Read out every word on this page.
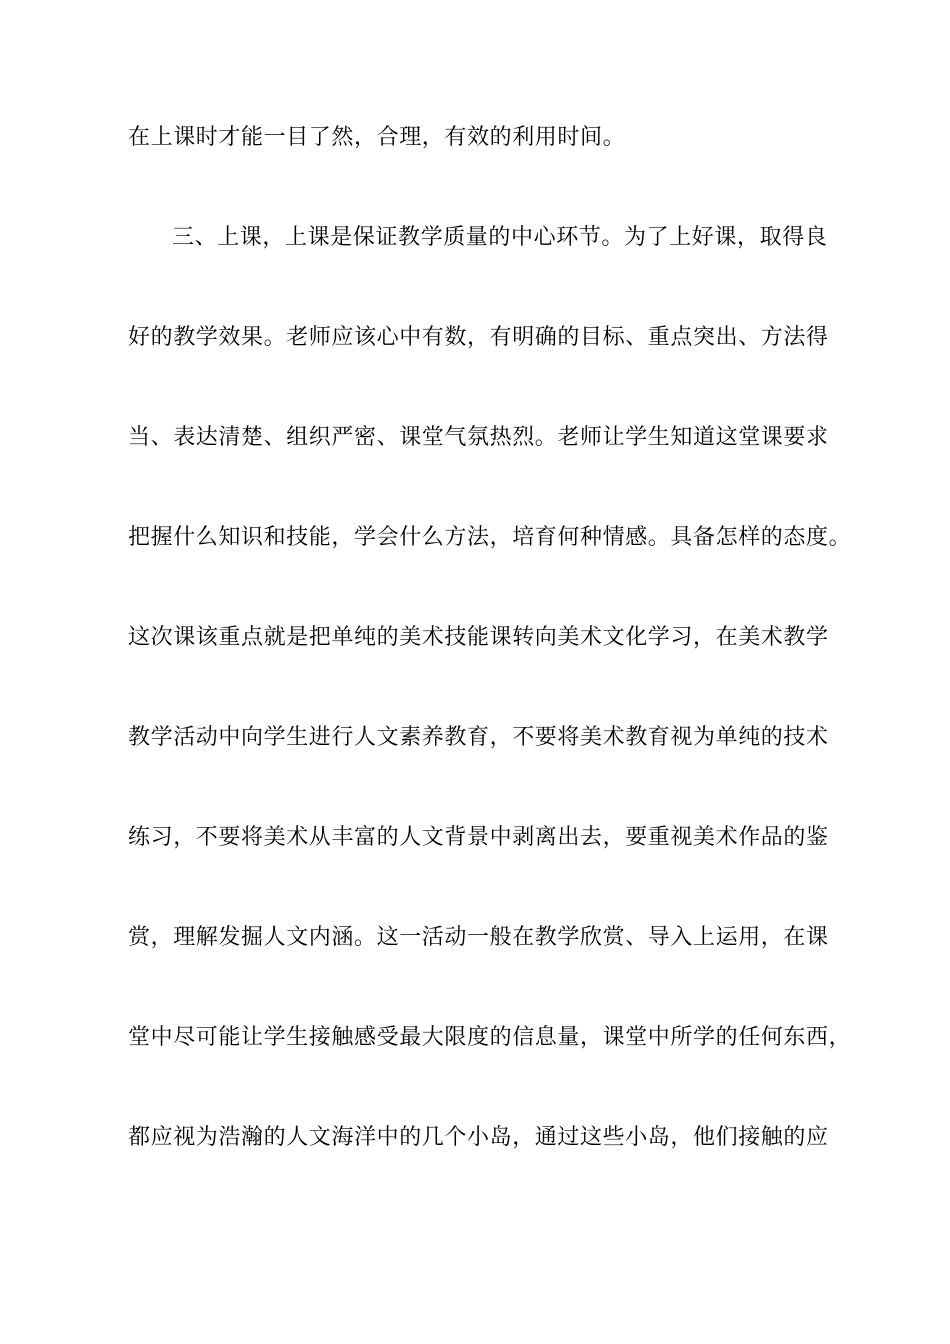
在上课时才能一目了然，合理，有效的利用时间。
三、上课，上课是保证教学质量的中心环节。为了上好课，取得良
好的教学效果。老师应该心中有数，有明确的目标、重点突出、方法得
当、表达清楚、组织严密、课堂气氛热烈。老师让学生知道这堂课要求
把握什么知识和技能，学会什么方法，培育何种情感。具备怎样的态度。
这次课该重点就是把单纯的美术技能课转向美术文化学习，在美术教学
教学活动中向学生进行人文素养教育，不要将美术教育视为单纯的技术
练习，不要将美术从丰富的人文背景中剥离出去，要重视美术作品的鉴
赏，理解发掘人文内涵。这一活动一般在教学欣赏、导入上运用，在课
堂中尽可能让学生接触感受最大限度的信息量，课堂中所学的任何东西，
都应视为浩瀚的人文海洋中的几个小岛，通过这些小岛，他们接触的应
